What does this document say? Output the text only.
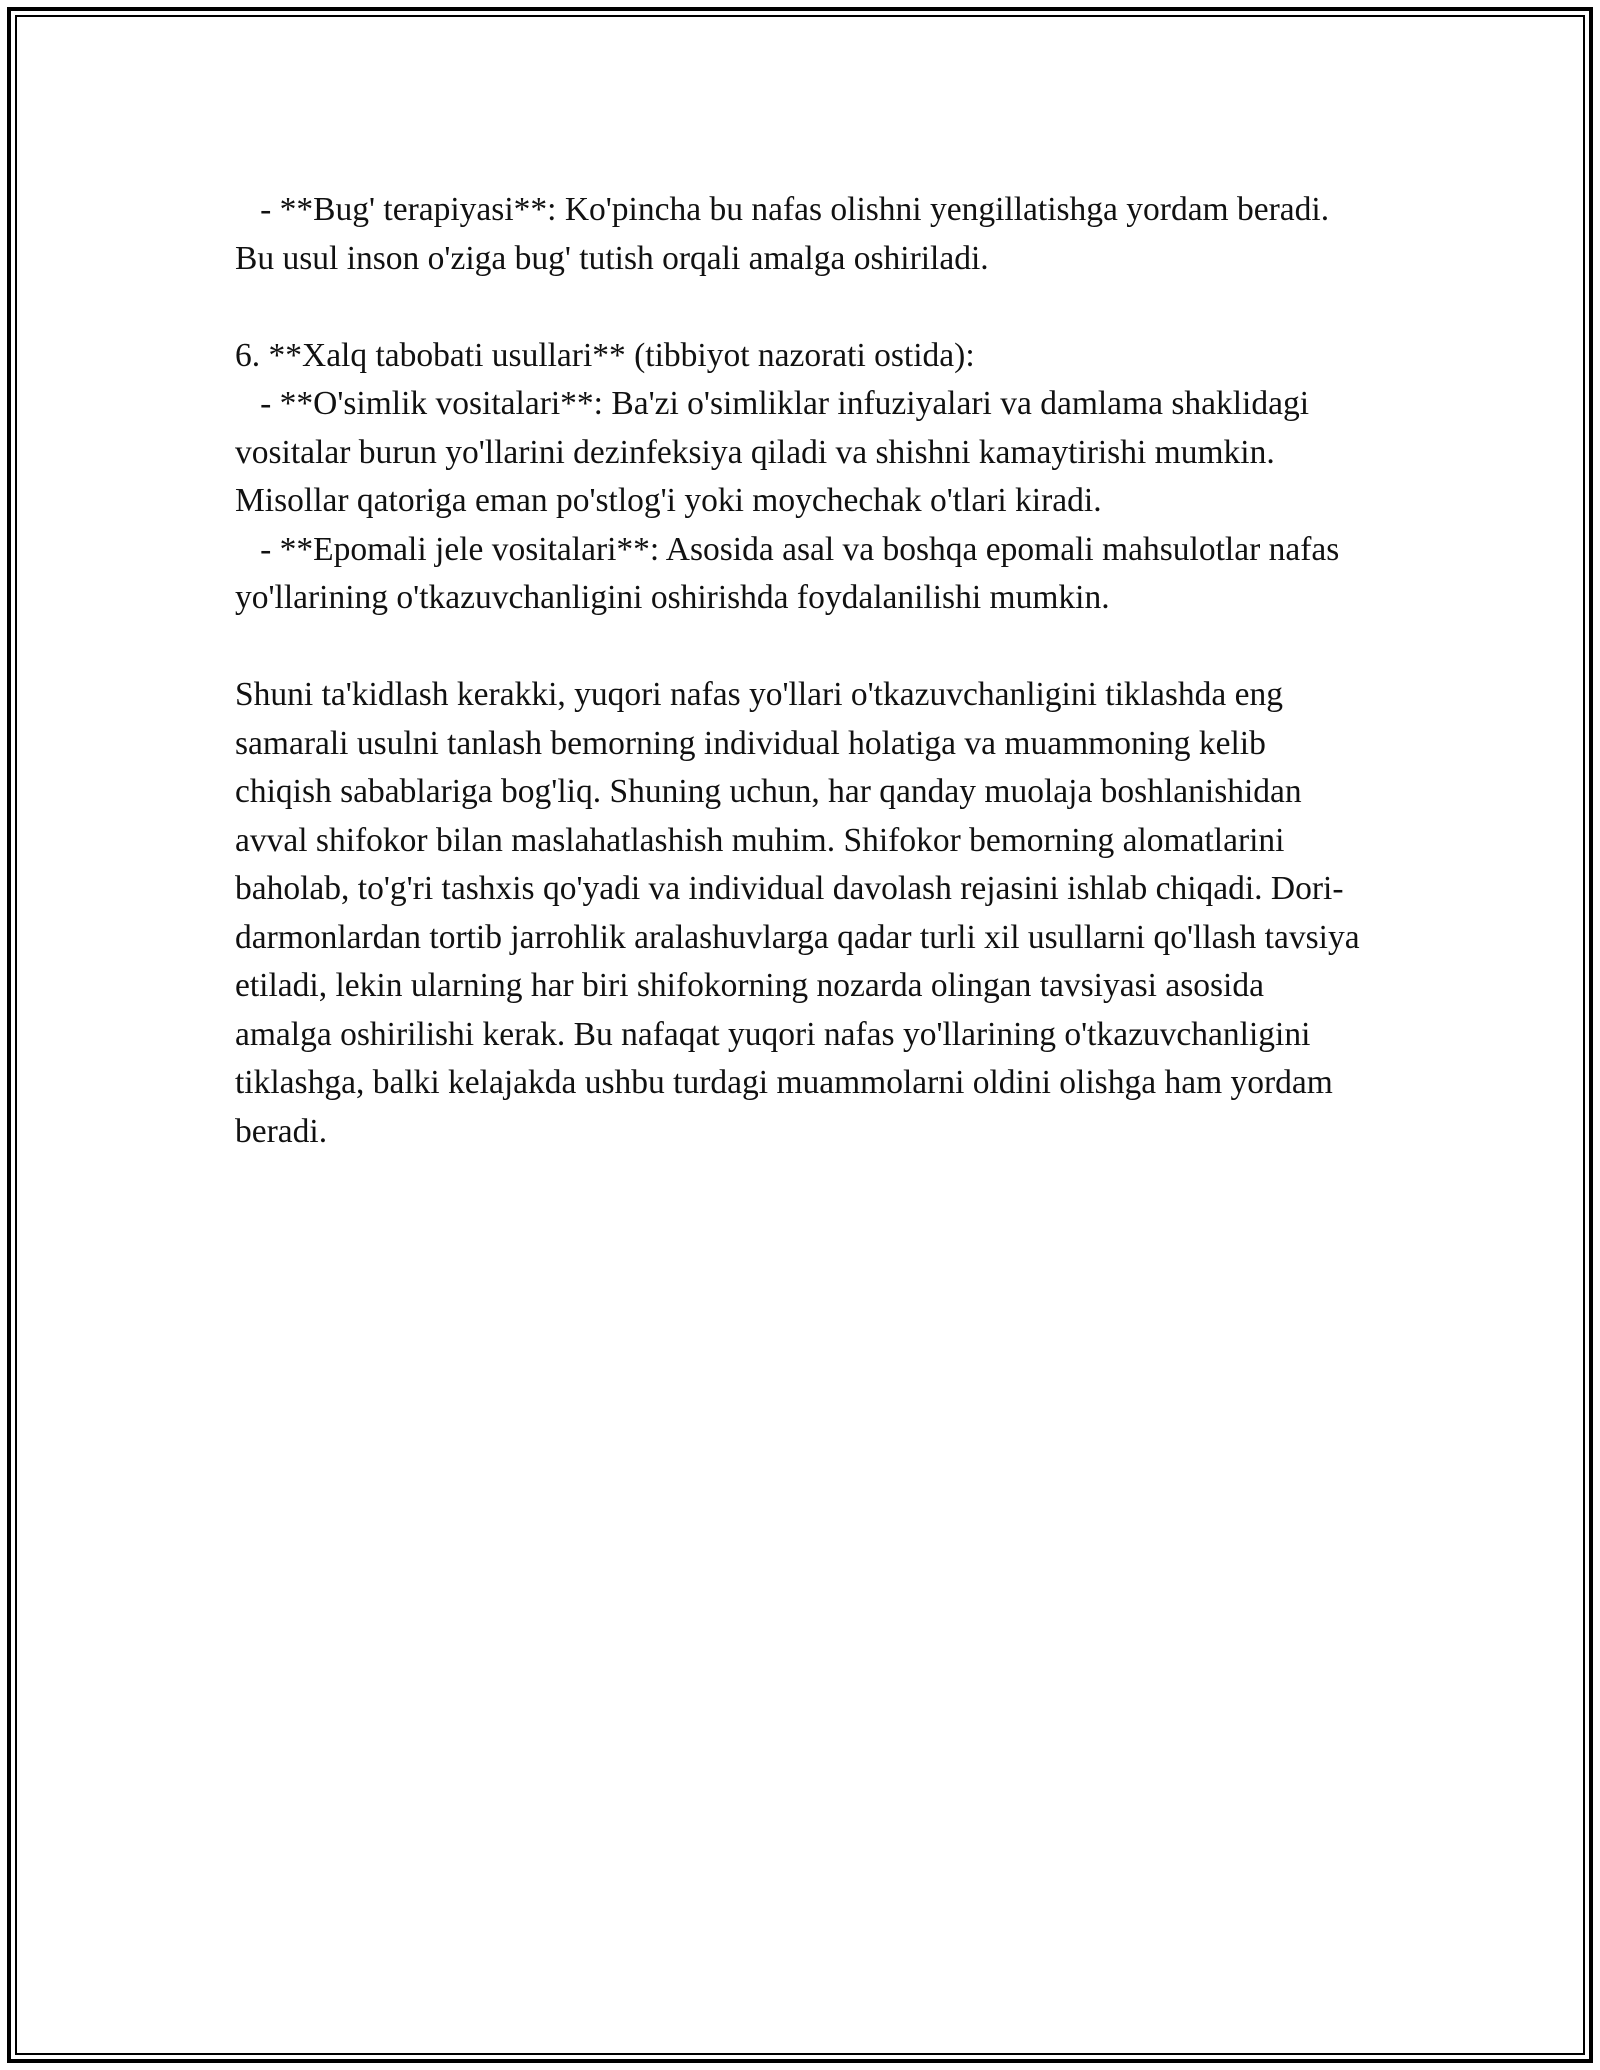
- **Bug' terapiyasi**: Ko'pincha bu nafas olishni yengillatishga yordam beradi. Bu usul inson o'ziga bug' tutish orqali amalga oshiriladi.

6. **Xalq tabobati usullari** (tibbiyot nazorati ostida):
- **O'simlik vositalari**: Ba'zi o'simliklar infuziyalari va damlama shaklidagi vositalar burun yo'llarini dezinfeksiya qiladi va shishni kamaytirishi mumkin. Misollar qatoriga eman po'stlog'i yoki moychechak o'tlari kiradi.
- **Epomali jele vositalari**: Asosida asal va boshqa epomali mahsulotlar nafas yo'llarining o'tkazuvchanligini oshirishda foydalanilishi mumkin.

Shuni ta'kidlash kerakki, yuqori nafas yo'llari o'tkazuvchanligini tiklashda eng samarali usulni tanlash bemorning individual holatiga va muammoning kelib chiqish sabablariga bog'liq. Shuning uchun, har qanday muolaja boshlanishidan avval shifokor bilan maslahatlashish muhim. Shifokor bemorning alomatlarini baholab, to'g'ri tashxis qo'yadi va individual davolash rejasini ishlab chiqadi. Dori-darmonlardan tortib jarrohlik aralashuvlarga qadar turli xil usullarni qo'llash tavsiya etiladi, lekin ularning har biri shifokorning nozarda olingan tavsiyasi asosida amalga oshirilishi kerak. Bu nafaqat yuqori nafas yo'llarining o'tkazuvchanligini tiklashga, balki kelajakda ushbu turdagi muammolarni oldini olishga ham yordam beradi.
